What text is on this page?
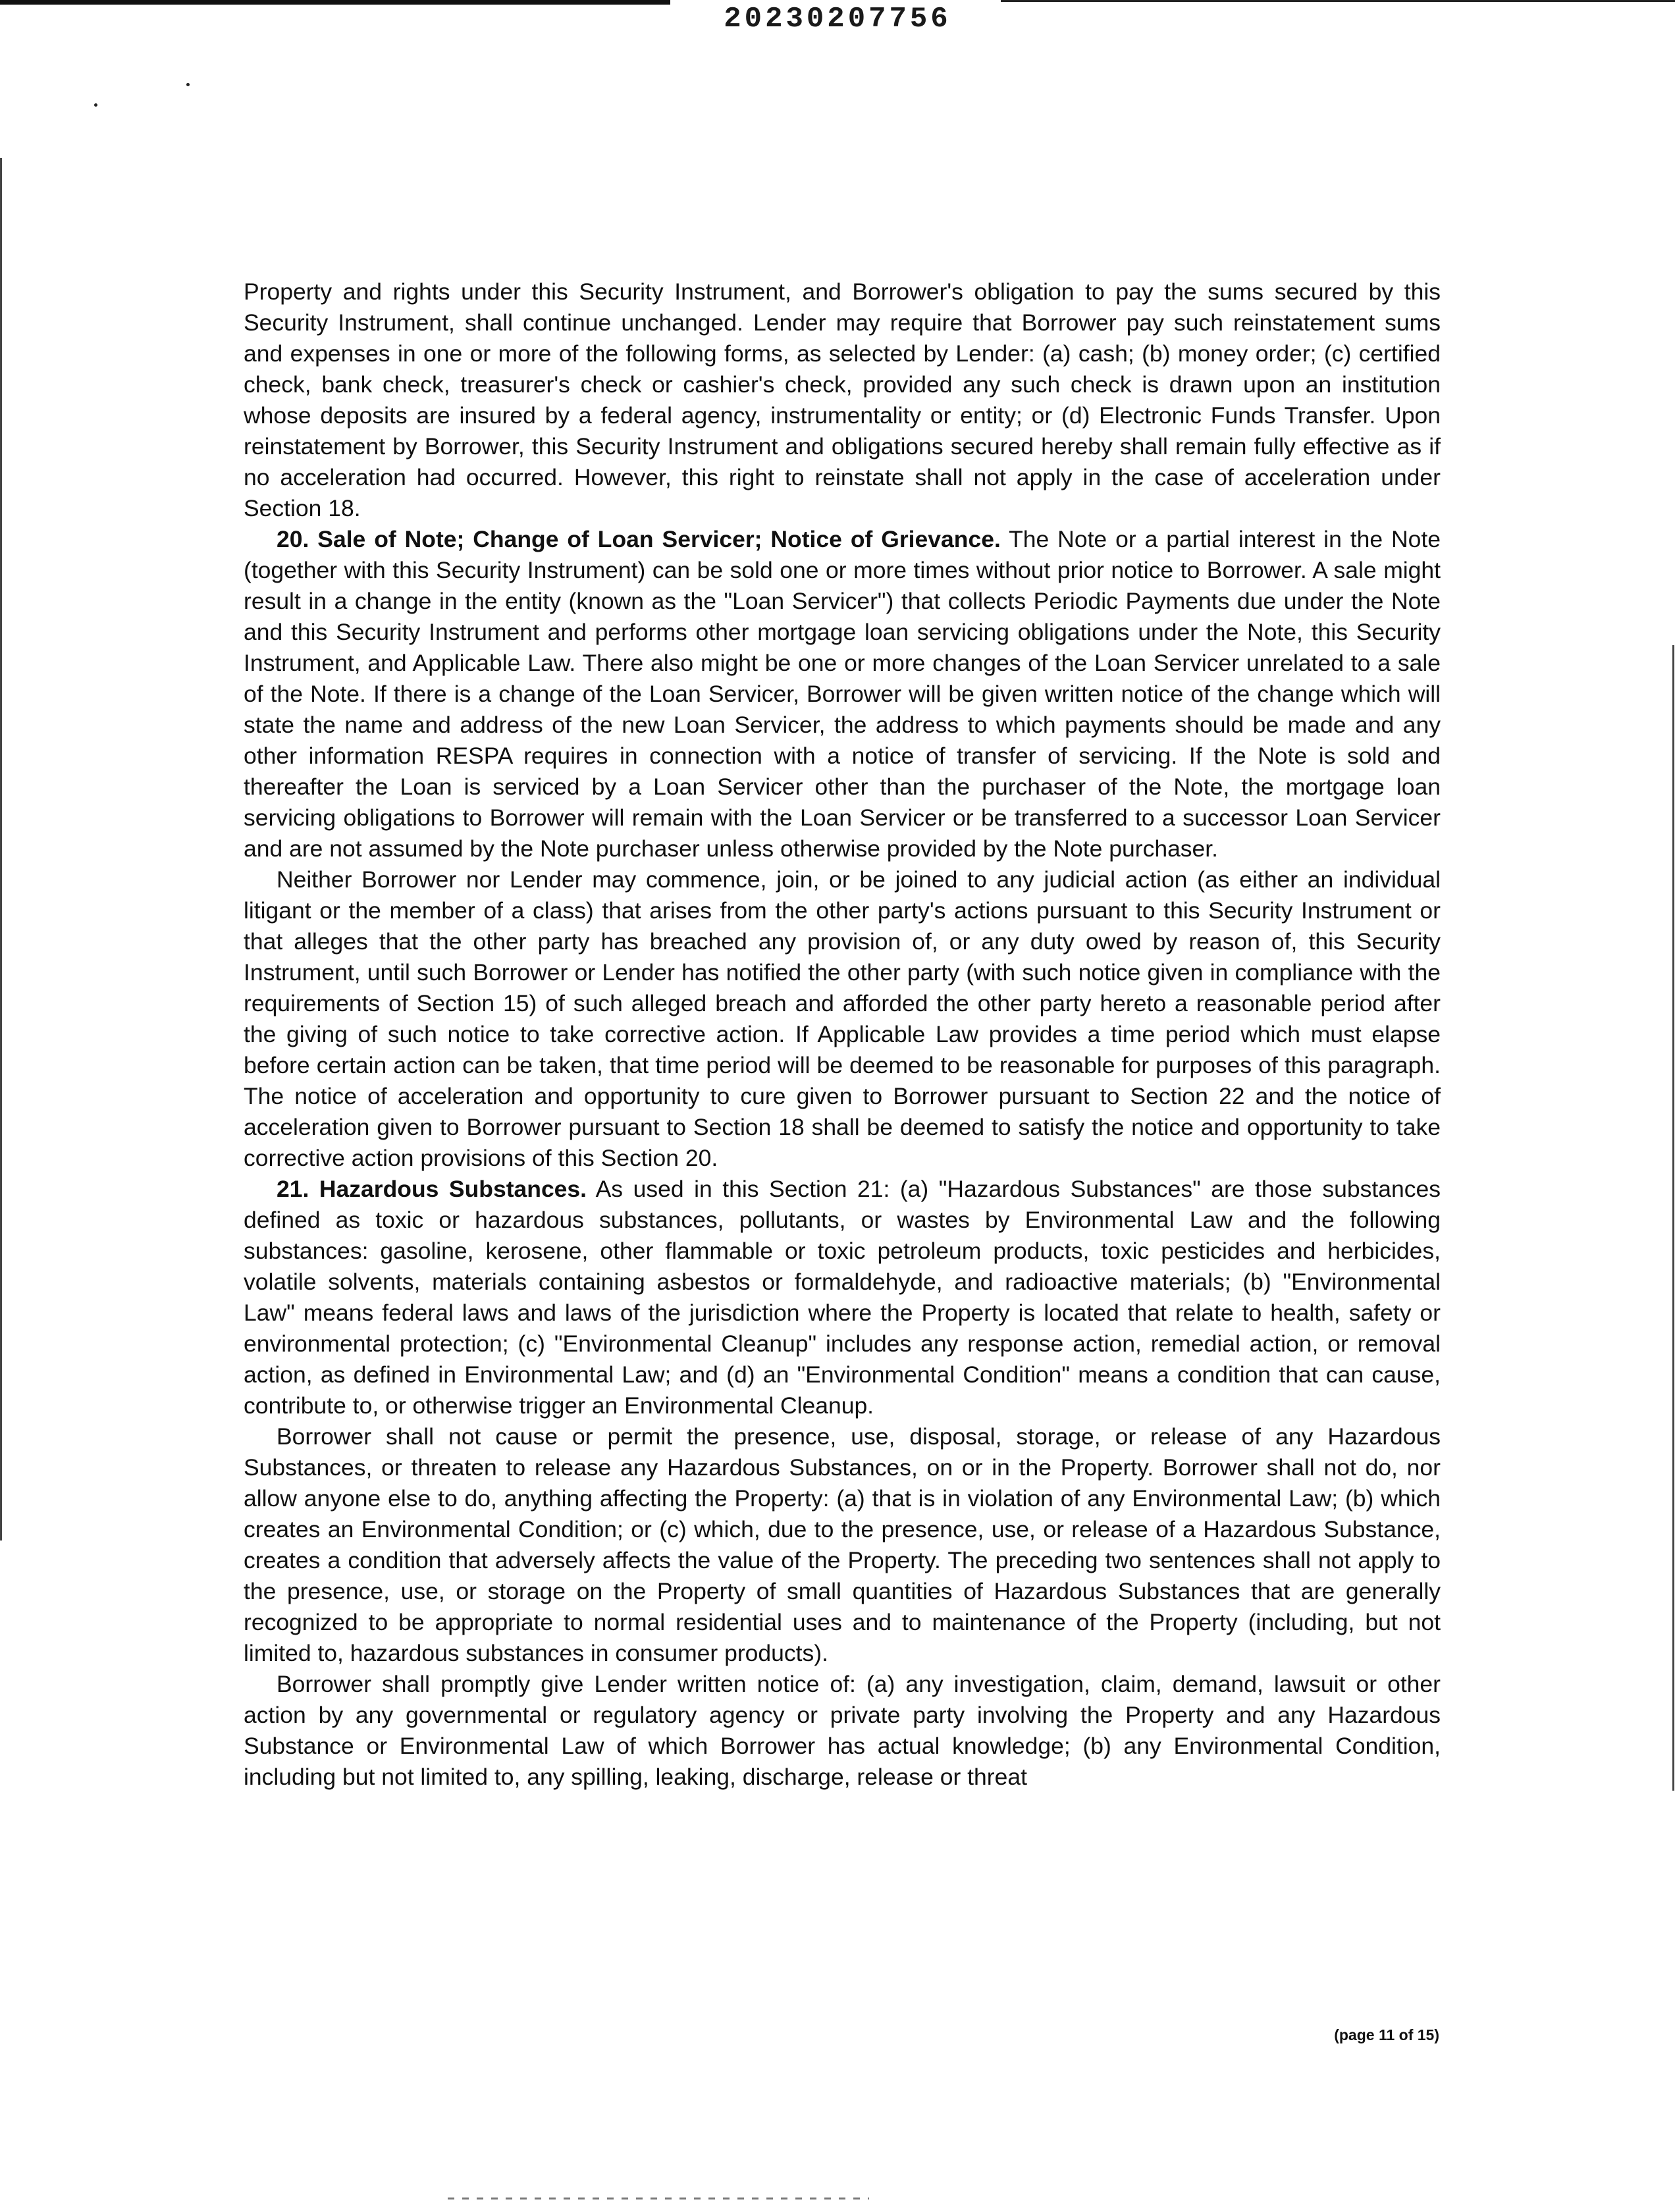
20230207756

Property and rights under this Security Instrument, and Borrower's obligation to pay the sums secured by this Security Instrument, shall continue unchanged. Lender may require that Borrower pay such reinstatement sums and expenses in one or more of the following forms, as selected by Lender: (a) cash; (b) money order; (c) certified check, bank check, treasurer's check or cashier's check, provided any such check is drawn upon an institution whose deposits are insured by a federal agency, instrumentality or entity; or (d) Electronic Funds Transfer. Upon reinstatement by Borrower, this Security Instrument and obligations secured hereby shall remain fully effective as if no acceleration had occurred. However, this right to reinstate shall not apply in the case of acceleration under Section 18.

20. Sale of Note; Change of Loan Servicer; Notice of Grievance. The Note or a partial interest in the Note (together with this Security Instrument) can be sold one or more times without prior notice to Borrower. A sale might result in a change in the entity (known as the "Loan Servicer") that collects Periodic Payments due under the Note and this Security Instrument and performs other mortgage loan servicing obligations under the Note, this Security Instrument, and Applicable Law. There also might be one or more changes of the Loan Servicer unrelated to a sale of the Note. If there is a change of the Loan Servicer, Borrower will be given written notice of the change which will state the name and address of the new Loan Servicer, the address to which payments should be made and any other information RESPA requires in connection with a notice of transfer of servicing. If the Note is sold and thereafter the Loan is serviced by a Loan Servicer other than the purchaser of the Note, the mortgage loan servicing obligations to Borrower will remain with the Loan Servicer or be transferred to a successor Loan Servicer and are not assumed by the Note purchaser unless otherwise provided by the Note purchaser.

Neither Borrower nor Lender may commence, join, or be joined to any judicial action (as either an individual litigant or the member of a class) that arises from the other party's actions pursuant to this Security Instrument or that alleges that the other party has breached any provision of, or any duty owed by reason of, this Security Instrument, until such Borrower or Lender has notified the other party (with such notice given in compliance with the requirements of Section 15) of such alleged breach and afforded the other party hereto a reasonable period after the giving of such notice to take corrective action. If Applicable Law provides a time period which must elapse before certain action can be taken, that time period will be deemed to be reasonable for purposes of this paragraph. The notice of acceleration and opportunity to cure given to Borrower pursuant to Section 22 and the notice of acceleration given to Borrower pursuant to Section 18 shall be deemed to satisfy the notice and opportunity to take corrective action provisions of this Section 20.

21. Hazardous Substances. As used in this Section 21: (a) "Hazardous Substances" are those substances defined as toxic or hazardous substances, pollutants, or wastes by Environmental Law and the following substances: gasoline, kerosene, other flammable or toxic petroleum products, toxic pesticides and herbicides, volatile solvents, materials containing asbestos or formaldehyde, and radioactive materials; (b) "Environmental Law" means federal laws and laws of the jurisdiction where the Property is located that relate to health, safety or environmental protection; (c) "Environmental Cleanup" includes any response action, remedial action, or removal action, as defined in Environmental Law; and (d) an "Environmental Condition" means a condition that can cause, contribute to, or otherwise trigger an Environmental Cleanup.

Borrower shall not cause or permit the presence, use, disposal, storage, or release of any Hazardous Substances, or threaten to release any Hazardous Substances, on or in the Property. Borrower shall not do, nor allow anyone else to do, anything affecting the Property: (a) that is in violation of any Environmental Law; (b) which creates an Environmental Condition; or (c) which, due to the presence, use, or release of a Hazardous Substance, creates a condition that adversely affects the value of the Property. The preceding two sentences shall not apply to the presence, use, or storage on the Property of small quantities of Hazardous Substances that are generally recognized to be appropriate to normal residential uses and to maintenance of the Property (including, but not limited to, hazardous substances in consumer products).

Borrower shall promptly give Lender written notice of: (a) any investigation, claim, demand, lawsuit or other action by any governmental or regulatory agency or private party involving the Property and any Hazardous Substance or Environmental Law of which Borrower has actual knowledge; (b) any Environmental Condition, including but not limited to, any spilling, leaking, discharge, release or threat

(page 11 of 15)
